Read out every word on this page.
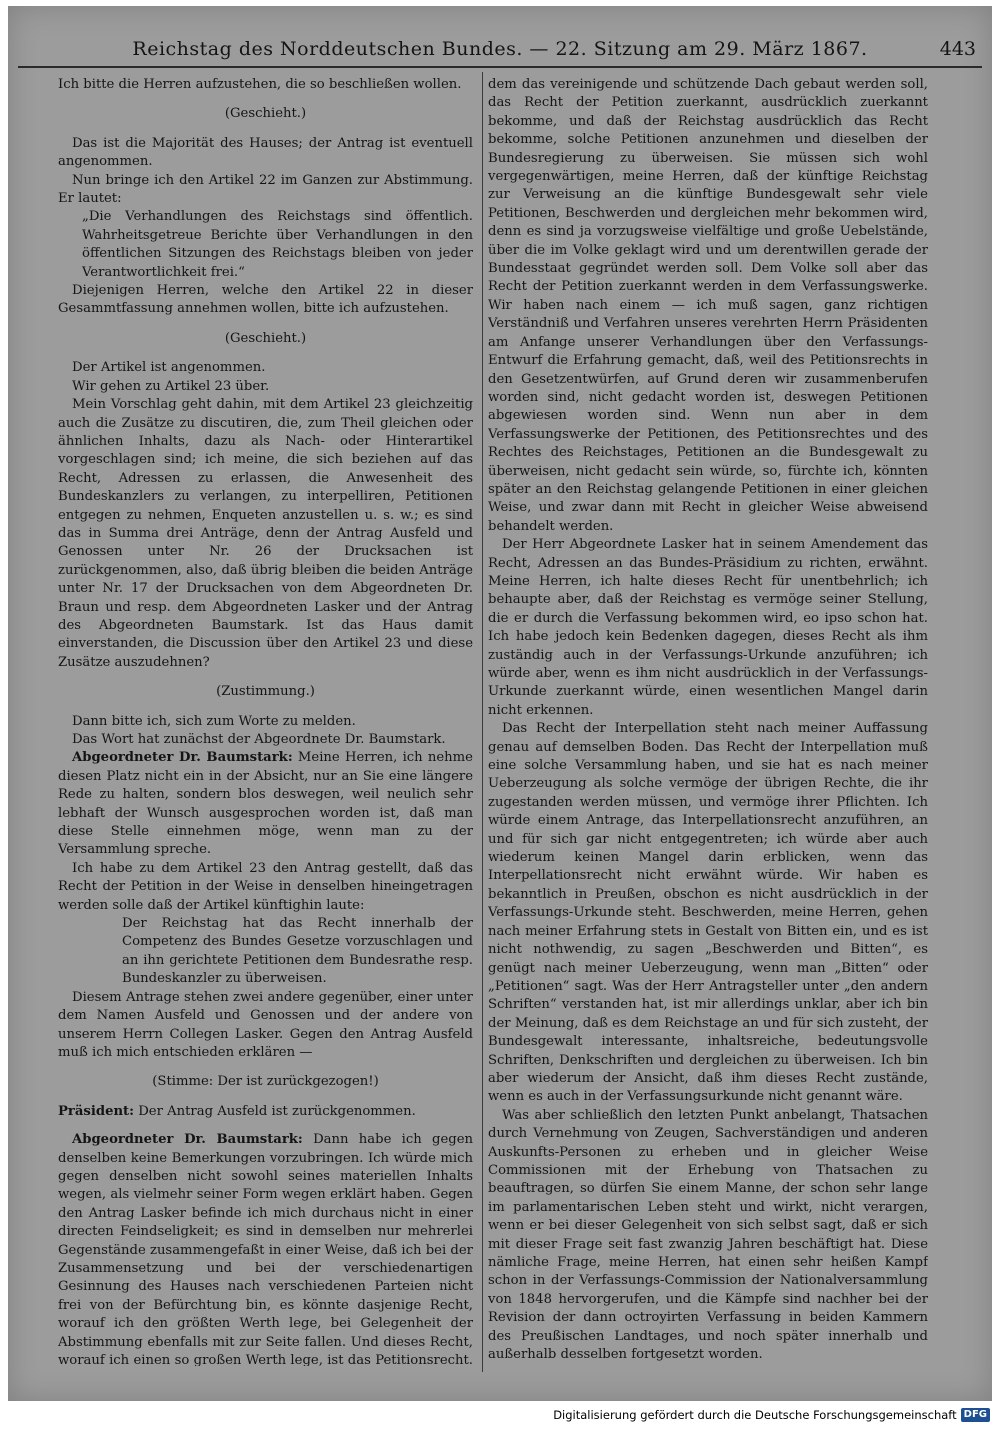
Reichstag des Norddeutschen Bundes. — 22. Sitzung am 29. März 1867.	443

Ich bitte die Herren aufzustehen, die so beschließen wollen.

(Geschieht.)

Das ist die Majorität des Hauses; der Antrag ist eventuell angenommen.

Nun bringe ich den Artikel 22 im Ganzen zur Abstimmung. Er lautet:

„Die Verhandlungen des Reichstags sind öffentlich. Wahrheitsgetreue Berichte über Verhandlungen in den öffentlichen Sitzungen des Reichstags bleiben von jeder Verantwortlichkeit frei.“

Diejenigen Herren, welche den Artikel 22 in dieser Gesammtfassung annehmen wollen, bitte ich aufzustehen.

(Geschieht.)

Der Artikel ist angenommen.

Wir gehen zu Artikel 23 über.

Mein Vorschlag geht dahin, mit dem Artikel 23 gleichzeitig auch die Zusätze zu discutiren, die, zum Theil gleichen oder ähnlichen Inhalts, dazu als Nach- oder Hinterartikel vorgeschlagen sind; ich meine, die sich beziehen auf das Recht, Adressen zu erlassen, die Anwesenheit des Bundeskanzlers zu verlangen, zu interpelliren, Petitionen entgegen zu nehmen, Enqueten anzustellen u. s. w.; es sind das in Summa drei Anträge, denn der Antrag Ausfeld und Genossen unter Nr. 26 der Drucksachen ist zurückgenommen, also, daß übrig bleiben die beiden Anträge unter Nr. 17 der Drucksachen von dem Abgeordneten Dr. Braun und resp. dem Abgeordneten Lasker und der Antrag des Abgeordneten Baumstark. Ist das Haus damit einverstanden, die Discussion über den Artikel 23 und diese Zusätze auszudehnen?

(Zustimmung.)

Dann bitte ich, sich zum Worte zu melden.

Das Wort hat zunächst der Abgeordnete Dr. Baumstark.

Abgeordneter Dr. Baumstark: Meine Herren, ich nehme diesen Platz nicht ein in der Absicht, nur an Sie eine längere Rede zu halten, sondern blos deswegen, weil neulich sehr lebhaft der Wunsch ausgesprochen worden ist, daß man diese Stelle einnehmen möge, wenn man zu der Versammlung spreche.

Ich habe zu dem Artikel 23 den Antrag gestellt, daß das Recht der Petition in der Weise in denselben hineingetragen werden solle daß der Artikel künftighin laute:

Der Reichstag hat das Recht innerhalb der Competenz des Bundes Gesetze vorzuschlagen und an ihn gerichtete Petitionen dem Bundesrathe resp. Bundeskanzler zu überweisen.

Diesem Antrage stehen zwei andere gegenüber, einer unter dem Namen Ausfeld und Genossen und der andere von unserem Herrn Collegen Lasker. Gegen den Antrag Ausfeld muß ich mich entschieden erklären —

(Stimme: Der ist zurückgezogen!)

Präsident: Der Antrag Ausfeld ist zurückgenommen.

Abgeordneter Dr. Baumstark: Dann habe ich gegen denselben keine Bemerkungen vorzubringen. Ich würde mich gegen denselben nicht sowohl seines materiellen Inhalts wegen, als vielmehr seiner Form wegen erklärt haben. Gegen den Antrag Lasker befinde ich mich durchaus nicht in einer directen Feindseligkeit; es sind in demselben nur mehrerlei Gegenstände zusammengefaßt in einer Weise, daß ich bei der Zusammensetzung und bei der verschiedenartigen Gesinnung des Hauses nach verschiedenen Parteien nicht frei von der Befürchtung bin, es könnte dasjenige Recht, worauf ich den größten Werth lege, bei Gelegenheit der Abstimmung ebenfalls mit zur Seite fallen. Und dieses Recht, worauf ich einen so großen Werth lege, ist das Petitionsrecht.

dem das vereinigende und schützende Dach gebaut werden soll, das Recht der Petition zuerkannt, ausdrücklich zuerkannt bekomme, und daß der Reichstag ausdrücklich das Recht bekomme, solche Petitionen anzunehmen und dieselben der Bundesregierung zu überweisen. Sie müssen sich wohl vergegenwärtigen, meine Herren, daß der künftige Reichstag zur Verweisung an die künftige Bundesgewalt sehr viele Petitionen, Beschwerden und dergleichen mehr bekommen wird, denn es sind ja vorzugsweise vielfältige und große Uebelstände, über die im Volke geklagt wird und um derentwillen gerade der Bundesstaat gegründet werden soll. Dem Volke soll aber das Recht der Petition zuerkannt werden in dem Verfassungswerke. Wir haben nach einem — ich muß sagen, ganz richtigen Verständniß und Verfahren unseres verehrten Herrn Präsidenten am Anfange unserer Verhandlungen über den Verfassungs-Entwurf die Erfahrung gemacht, daß, weil des Petitionsrechts in den Gesetzentwürfen, auf Grund deren wir zusammenberufen worden sind, nicht gedacht worden ist, deswegen Petitionen abgewiesen worden sind. Wenn nun aber in dem Verfassungswerke der Petitionen, des Petitionsrechtes und des Rechtes des Reichstages, Petitionen an die Bundesgewalt zu überweisen, nicht gedacht sein würde, so, fürchte ich, könnten später an den Reichstag gelangende Petitionen in einer gleichen Weise, und zwar dann mit Recht in gleicher Weise abweisend behandelt werden.

Der Herr Abgeordnete Lasker hat in seinem Amendement das Recht, Adressen an das Bundes-Präsidium zu richten, erwähnt. Meine Herren, ich halte dieses Recht für unentbehrlich; ich behaupte aber, daß der Reichstag es vermöge seiner Stellung, die er durch die Verfassung bekommen wird, eo ipso schon hat. Ich habe jedoch kein Bedenken dagegen, dieses Recht als ihm zuständig auch in der Verfassungs-Urkunde anzuführen; ich würde aber, wenn es ihm nicht ausdrücklich in der Verfassungs-Urkunde zuerkannt würde, einen wesentlichen Mangel darin nicht erkennen.

Das Recht der Interpellation steht nach meiner Auffassung genau auf demselben Boden. Das Recht der Interpellation muß eine solche Versammlung haben, und sie hat es nach meiner Ueberzeugung als solche vermöge der übrigen Rechte, die ihr zugestanden werden müssen, und vermöge ihrer Pflichten. Ich würde einem Antrage, das Interpellationsrecht anzuführen, an und für sich gar nicht entgegentreten; ich würde aber auch wiederum keinen Mangel darin erblicken, wenn das Interpellationsrecht nicht erwähnt würde. Wir haben es bekanntlich in Preußen, obschon es nicht ausdrücklich in der Verfassungs-Urkunde steht. Beschwerden, meine Herren, gehen nach meiner Erfahrung stets in Gestalt von Bitten ein, und es ist nicht nothwendig, zu sagen „Beschwerden und Bitten“, es genügt nach meiner Ueberzeugung, wenn man „Bitten“ oder „Petitionen“ sagt. Was der Herr Antragsteller unter „den andern Schriften“ verstanden hat, ist mir allerdings unklar, aber ich bin der Meinung, daß es dem Reichstage an und für sich zusteht, der Bundesgewalt interessante, inhaltsreiche, bedeutungsvolle Schriften, Denkschriften und dergleichen zu überweisen. Ich bin aber wiederum der Ansicht, daß ihm dieses Recht zustände, wenn es auch in der Verfassungsurkunde nicht genannt wäre.

Was aber schließlich den letzten Punkt anbelangt, Thatsachen durch Vernehmung von Zeugen, Sachverständigen und anderen Auskunfts-Personen zu erheben und in gleicher Weise Commissionen mit der Erhebung von Thatsachen zu beauftragen, so dürfen Sie einem Manne, der schon sehr lange im parlamentarischen Leben steht und wirkt, nicht verargen, wenn er bei dieser Gelegenheit von sich selbst sagt, daß er sich mit dieser Frage seit fast zwanzig Jahren beschäftigt hat. Diese nämliche Frage, meine Herren, hat einen sehr heißen Kampf schon in der Verfassungs-Commission der Nationalversammlung von 1848 hervorgerufen, und die Kämpfe sind nachher bei der Revision der dann octroyirten Verfassung in beiden Kammern des Preußischen Landtages, und noch später innerhalb und außerhalb desselben fortgesetzt worden.

Digitalisierung gefördert durch die Deutsche Forschungsgemeinschaft DFG
